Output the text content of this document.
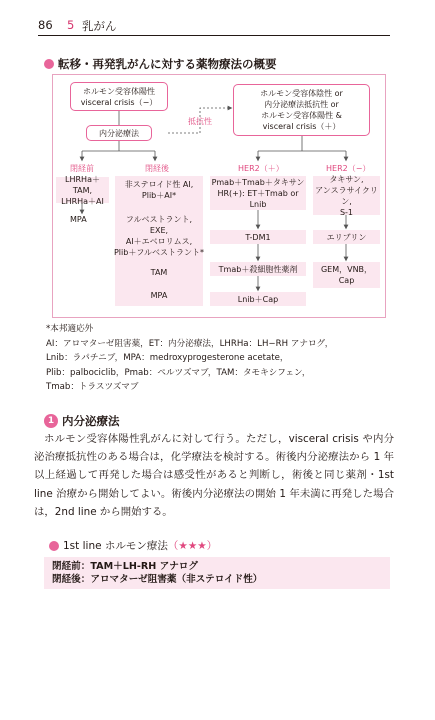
86 5 乳がん
転移・再発乳がんに対する薬物療法の概要
ホルモン受容体陽性
visceral crisis（−）
内分泌療法
抵抗性
ホルモン受容体陰性 or
内分泌療法抵抗性 or
ホルモン受容体陽性 &
visceral crisis（＋）
閉経前	閉経後	HER2（＋）	HER2（−）
LHRHa＋TAM,
LHRHa＋AI
MPA
非ステロイド性 AI,
Plib＋AI*
フルベストラント,
EXE,
AI＋エベロリムス,
Plib＋フルベストラント*
TAM
MPA
Pmab＋Tmab＋タキサン
HR(+): ET＋Tmab or Lnib
T-DM1
Tmab＋殺細胞性薬剤
Lnib＋Cap
タキサン,
アンスラサイクリン,
S-1
エリブリン
GEM，VNB，
Cap
*本邦適応外
AI：アロマターゼ阻害薬，ET：内分泌療法，LHRHa：LH−RH アナログ，
Lnib：ラパチニブ，MPA：medroxyprogesterone acetate，
Plib：palbociclib，Pmab：ペルツズマブ，TAM：タモキシフェン，
Tmab：トラスツズマブ
1 内分泌療法
ホルモン受容体陽性乳がんに対して行う。ただし，visceral crisis や内分泌治療抵抗性のある場合は，化学療法を検討する。術後内分泌療法から 1 年以上経過して再発した場合は感受性があると判断し，術後と同じ薬剤・1st line 治療から開始してよい。術後内分泌療法の開始 1 年未満に再発した場合は，2nd line から開始する。
1st line ホルモン療法 （★★★）
閉経前：TAM＋LH-RH アナログ
閉経後：アロマターゼ阻害薬（非ステロイド性）
